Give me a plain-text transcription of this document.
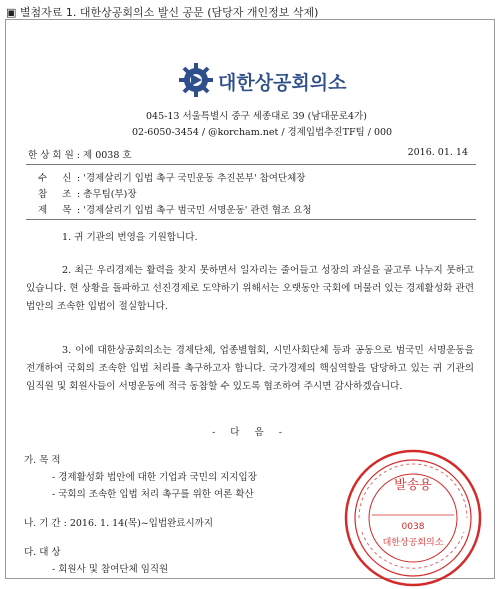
▣ 별첨자료 1. 대한상공회의소 발신 공문 (담당자 개인정보 삭제)
대한상공회의소
045-13 서울특별시 중구 세종대로 39 (남대문로4가)
02-6050-3454 / @korcham.net / 경제입법추진TF팀 / 000
한 상 회 원 : 제 0038 호	2016. 01. 14
수 신 : '경제살리기 입법 촉구 국민운동 추진본부' 참여단체장
참 조 : 총무팀(부)장
제 목 : '경제살리기 입법 촉구 범국민 서명운동' 관련 협조 요청
1. 귀 기관의 번영을 기원합니다.
2. 최근 우리경제는 활력을 찾지 못하면서 일자리는 줄어들고 성장의 과실을 골고루 나누지 못하고 있습니다. 현 상황을 돌파하고 선진경제로 도약하기 위해서는 오랫동안 국회에 머물러 있는 경제활성화 관련 법안의 조속한 입법이 절실합니다.
3. 이에 대한상공회의소는 경제단체, 업종별협회, 시민사회단체 등과 공동으로 범국민 서명운동을 전개하여 국회의 조속한 입법 처리를 촉구하고자 합니다. 국가경제의 핵심역할을 담당하고 있는 귀 기관의 임직원 및 회원사들이 서명운동에 적극 동참할 수 있도록 협조하여 주시면 감사하겠습니다.
- 다 음 -
가. 목 적
- 경제활성화 법안에 대한 기업과 국민의 지지입장
- 국회의 조속한 입법 처리 촉구를 위한 여론 확산
나. 기 간 : 2016. 1. 14(목)~입법완료시까지
다. 대 상
- 회원사 및 참여단체 임직원
발송용
0038
대한상공회의소
